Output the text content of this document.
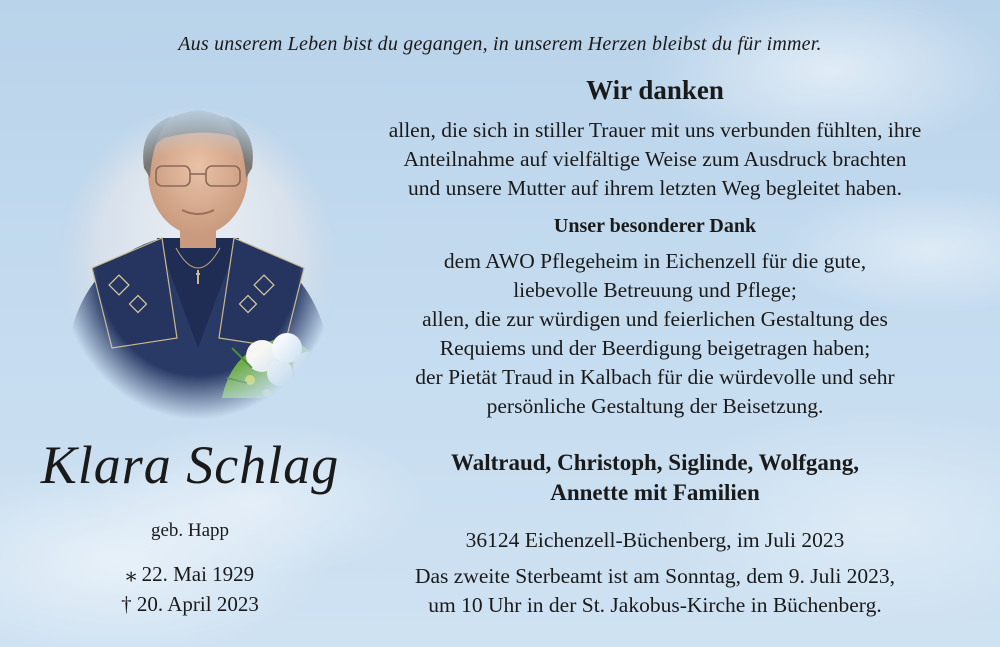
Aus unserem Leben bist du gegangen, in unserem Herzen bleibst du für immer.
Klara Schlag
geb. Happ
⁎ 22. Mai 1929
† 20. April 2023
Wir danken
allen, die sich in stiller Trauer mit uns verbunden fühlten, ihre
Anteilnahme auf vielfältige Weise zum Ausdruck brachten
und unsere Mutter auf ihrem letzten Weg begleitet haben.
Unser besonderer Dank
dem AWO Pflegeheim in Eichenzell für die gute,
liebevolle Betreuung und Pflege;
allen, die zur würdigen und feierlichen Gestaltung des
Requiems und der Beerdigung beigetragen haben;
der Pietät Traud in Kalbach für die würdevolle und sehr
persönliche Gestaltung der Beisetzung.
Waltraud, Christoph, Siglinde, Wolfgang,
Annette mit Familien
36124 Eichenzell-Büchenberg, im Juli 2023
Das zweite Sterbeamt ist am Sonntag, dem 9. Juli 2023,
um 10 Uhr in der St. Jakobus-Kirche in Büchenberg.
